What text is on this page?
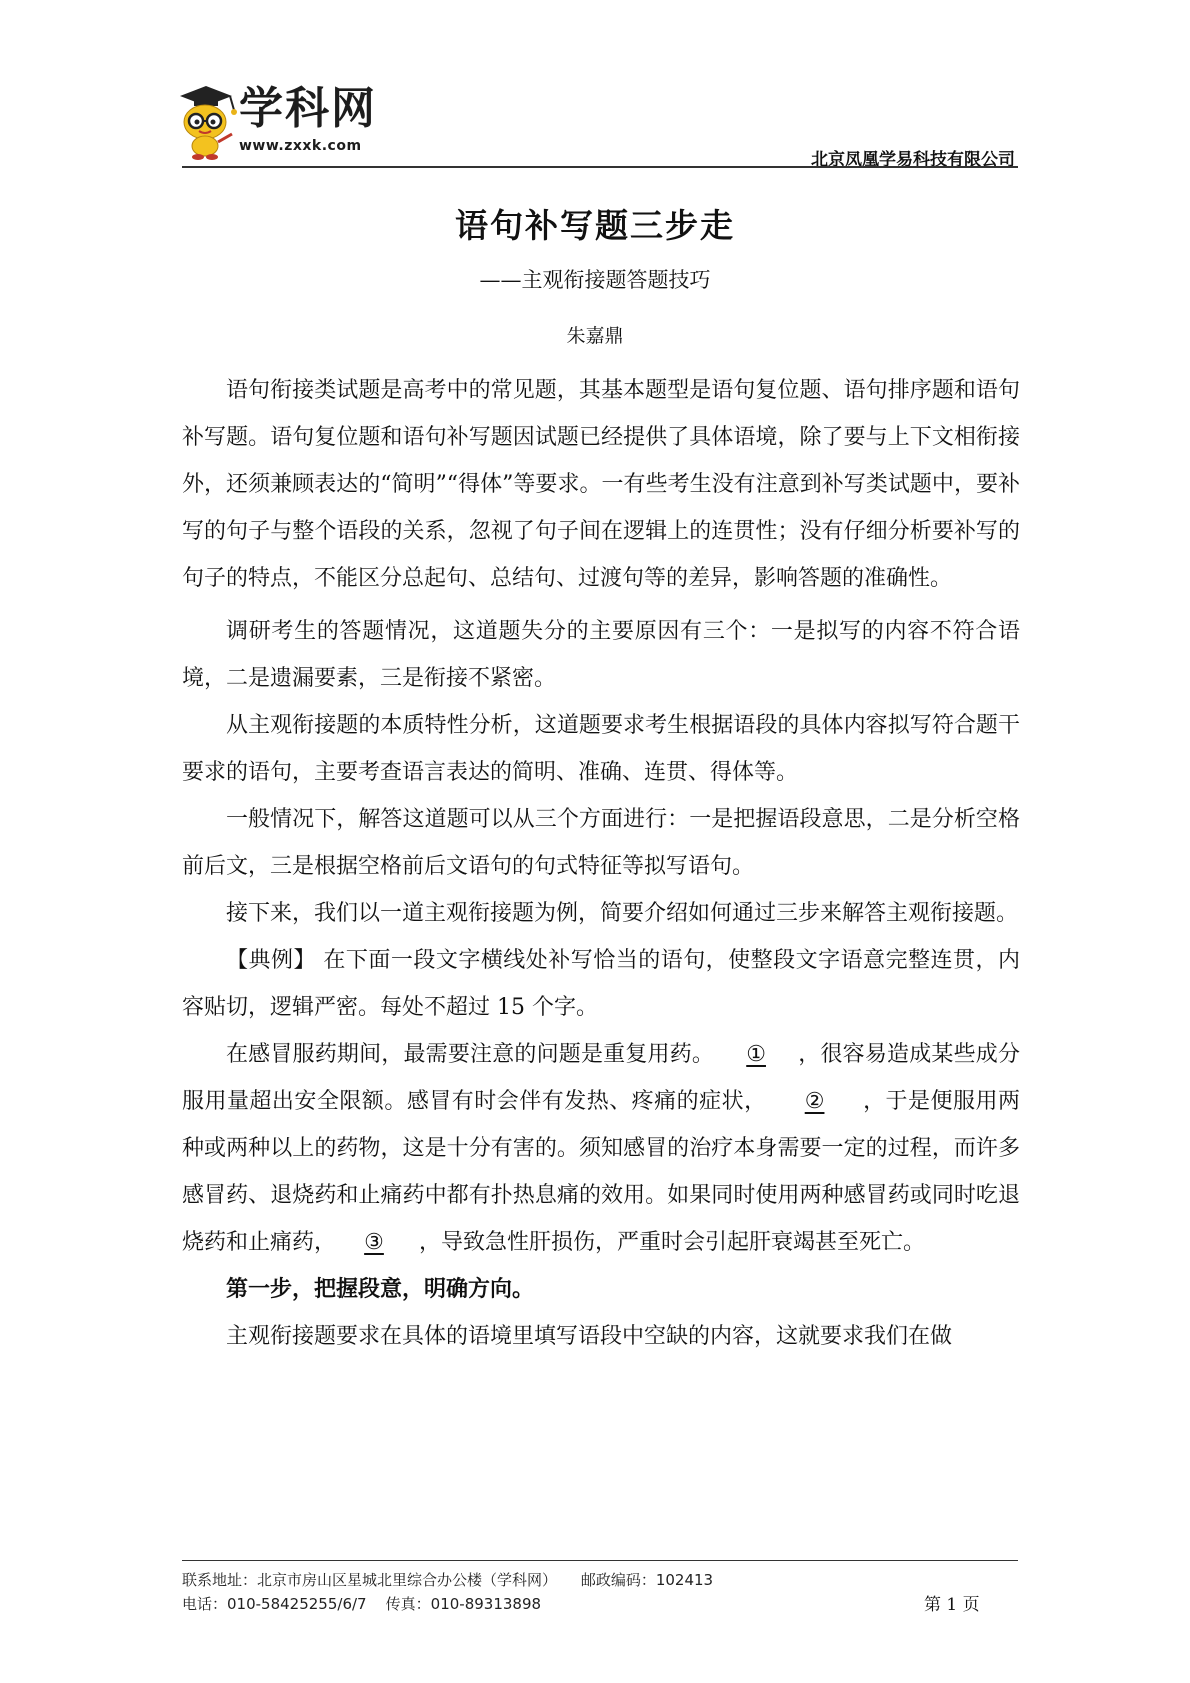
学科网
www.zxxk.com
北京凤凰学易科技有限公司
语句补写题三步走
——主观衔接题答题技巧
朱嘉鼎

语句衔接类试题是高考中的常见题，其基本题型是语句复位题、语句排序题和语句补写题。语句复位题和语句补写题因试题已经提供了具体语境，除了要与上下文相衔接外，还须兼顾表达的“简明”“得体”等要求。一有些考生没有注意到补写类试题中，要补写的句子与整个语段的关系，忽视了句子间在逻辑上的连贯性；没有仔细分析要补写的句子的特点，不能区分总起句、总结句、过渡句等的差异，影响答题的准确性。

调研考生的答题情况，这道题失分的主要原因有三个：一是拟写的内容不符合语境，二是遗漏要素，三是衔接不紧密。

从主观衔接题的本质特性分析，这道题要求考生根据语段的具体内容拟写符合题干要求的语句，主要考查语言表达的简明、准确、连贯、得体等。

一般情况下，解答这道题可以从三个方面进行：一是把握语段意思，二是分析空格前后文，三是根据空格前后文语句的句式特征等拟写语句。

接下来，我们以一道主观衔接题为例，简要介绍如何通过三步来解答主观衔接题。

【典例】 在下面一段文字横线处补写恰当的语句，使整段文字语意完整连贯，内容贴切，逻辑严密。每处不超过 15 个字。

在感冒服药期间，最需要注意的问题是重复用药。 ① ，很容易造成某些成分服用量超出安全限额。感冒有时会伴有发热、疼痛的症状， ② ，于是便服用两种或两种以上的药物，这是十分有害的。须知感冒的治疗本身需要一定的过程，而许多感冒药、退烧药和止痛药中都有扑热息痛的效用。如果同时使用两种感冒药或同时吃退烧药和止痛药， ③ ，导致急性肝损伤，严重时会引起肝衰竭甚至死亡。

第一步，把握段意，明确方向。

主观衔接题要求在具体的语境里填写语段中空缺的内容，这就要求我们在做

联系地址：北京市房山区星城北里综合办公楼（学科网）     邮政编码：102413
电话：010-58425255/6/7    传真：010-89313898	第 1 页
